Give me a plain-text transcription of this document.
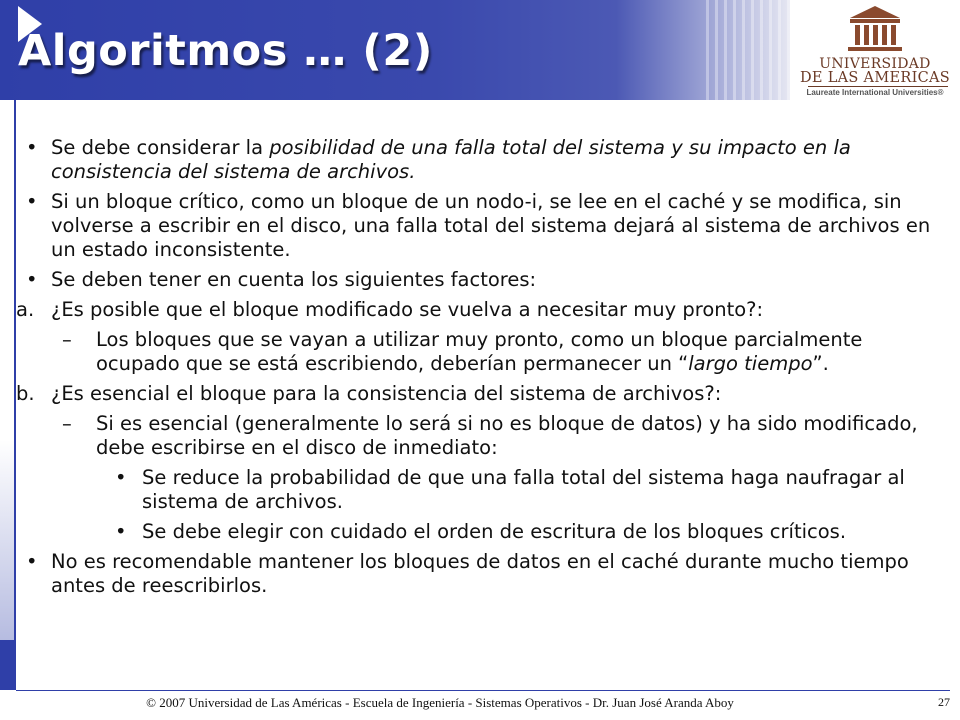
Algoritmos … (2)	UNIVERSIDAD
DE LAS AMERICAS
Laureate International Universities®
• Se debe considerar la posibilidad de una falla total del sistema y su impacto en la consistencia del sistema de archivos.
• Si un bloque crítico, como un bloque de un nodo-i, se lee en el caché y se modifica, sin volverse a escribir en el disco, una falla total del sistema dejará al sistema de archivos en un estado inconsistente.
• Se deben tener en cuenta los siguientes factores:
a. ¿Es posible que el bloque modificado se vuelva a necesitar muy pronto?:
– Los bloques que se vayan a utilizar muy pronto, como un bloque parcialmente ocupado que se está escribiendo, deberían permanecer un “largo tiempo”.
b. ¿Es esencial el bloque para la consistencia del sistema de archivos?:
– Si es esencial (generalmente lo será si no es bloque de datos) y ha sido modificado, debe escribirse en el disco de inmediato:
• Se reduce la probabilidad de que una falla total del sistema haga naufragar al sistema de archivos.
• Se debe elegir con cuidado el orden de escritura de los bloques críticos.
• No es recomendable mantener los bloques de datos en el caché durante mucho tiempo antes de reescribirlos.
© 2007 Universidad de Las Américas - Escuela de Ingeniería - Sistemas Operativos - Dr. Juan José Aranda Aboy	27
